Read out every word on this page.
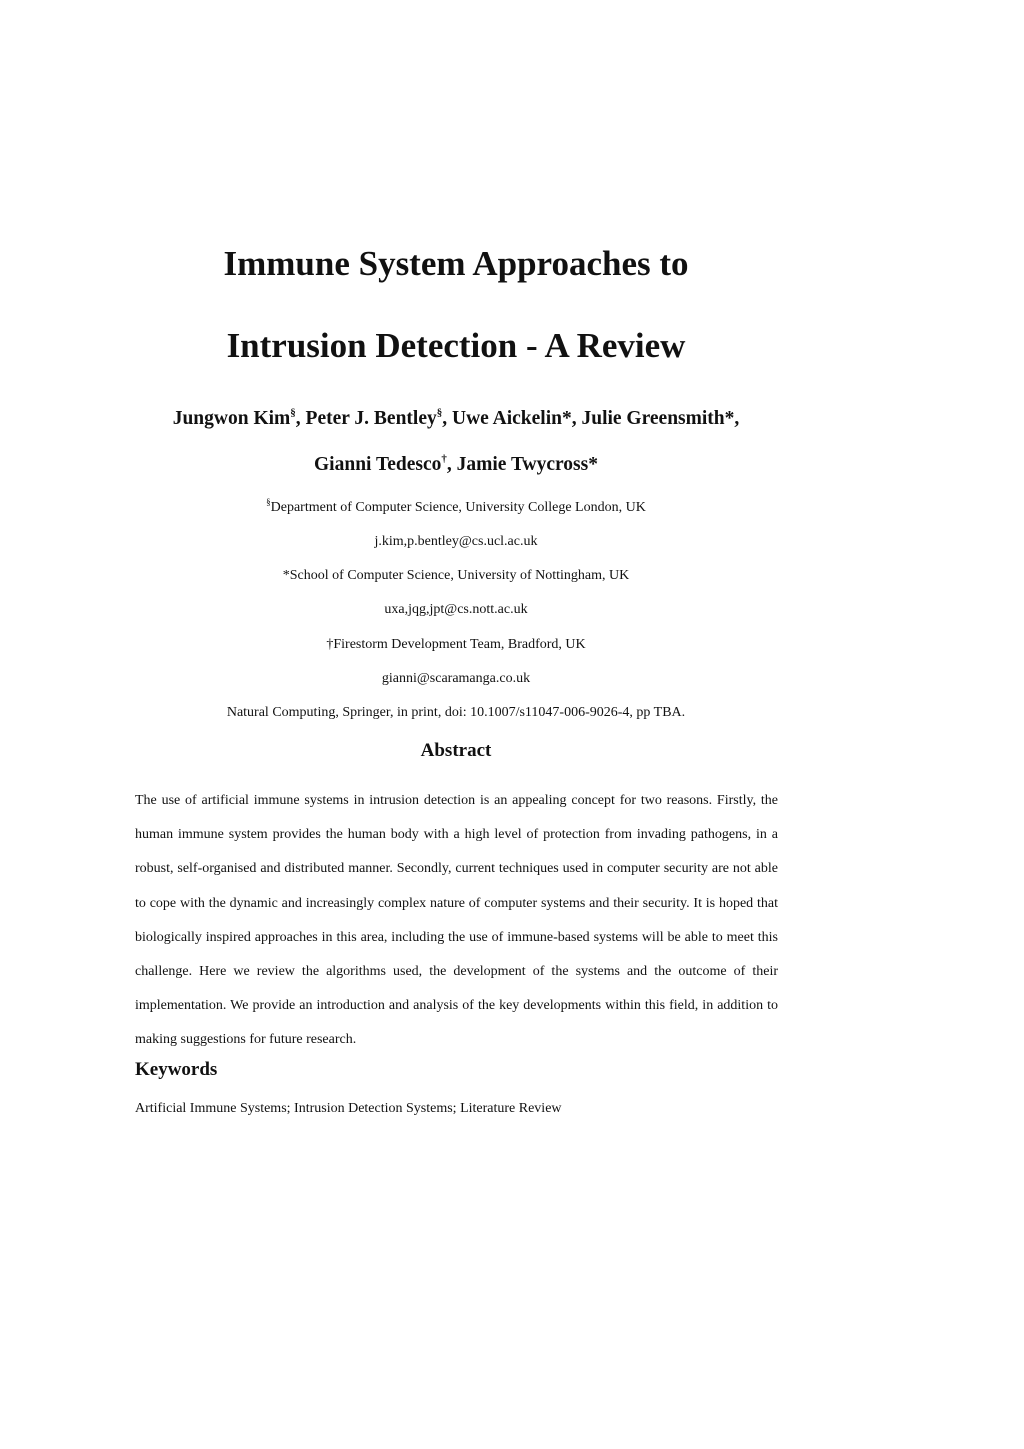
Immune System Approaches to
Intrusion Detection - A Review
Jungwon Kim§, Peter J. Bentley§, Uwe Aickelin*, Julie Greensmith*,
Gianni Tedesco†, Jamie Twycross*
§Department of Computer Science, University College London, UK
j.kim,p.bentley@cs.ucl.ac.uk
*School of Computer Science, University of Nottingham, UK
uxa,jqg,jpt@cs.nott.ac.uk
†Firestorm Development Team, Bradford, UK
gianni@scaramanga.co.uk
Natural Computing, Springer, in print, doi: 10.1007/s11047-006-9026-4, pp TBA.
Abstract

The use of artificial immune systems in intrusion detection is an appealing concept for two reasons. Firstly, the human immune system provides the human body with a high level of protection from invading pathogens, in a robust, self-organised and distributed manner. Secondly, current techniques used in computer security are not able to cope with the dynamic and increasingly complex nature of computer systems and their security. It is hoped that biologically inspired approaches in this area, including the use of immune-based systems will be able to meet this challenge. Here we review the algorithms used, the development of the systems and the outcome of their implementation. We provide an introduction and analysis of the key developments within this field, in addition to making suggestions for future research.

Keywords
Artificial Immune Systems; Intrusion Detection Systems; Literature Review
